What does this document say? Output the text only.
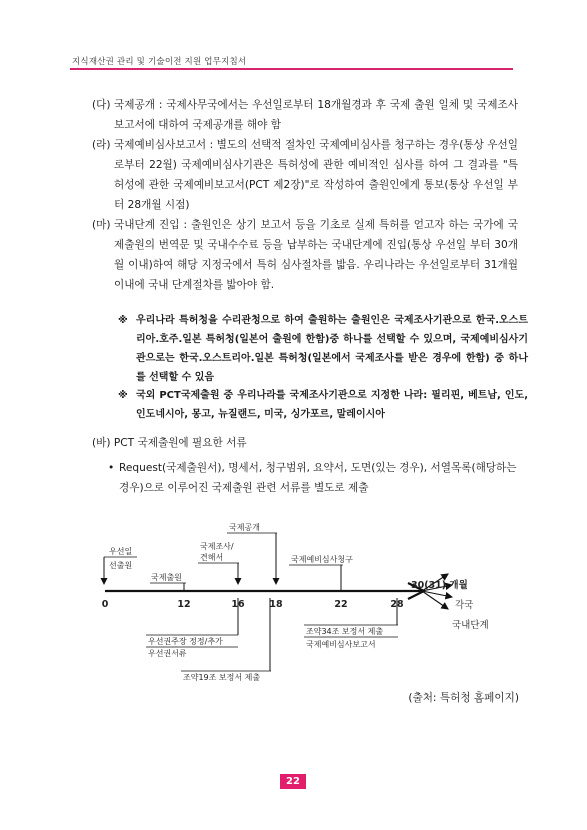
지식재산권 관리 및 기술이전 지원 업무지침서
(다) 국제공개 : 국제사무국에서는 우선일로부터 18개월경과 후 국제 출원 일체 및 국제조사보고서에 대하여 국제공개를 해야 함
(라) 국제예비심사보고서 : 별도의 선택적 절차인 국제예비심사를 청구하는 경우(통상 우선일로부터 22월) 국제예비심사기관은 특허성에 관한 예비적인 심사를 하여 그 결과를 "특허성에 관한 국제예비보고서(PCT 제2장)"로 작성하여 출원인에게 통보(통상 우선일 부터 28개월 시점)
(마) 국내단계 진입 : 출원인은 상기 보고서 등을 기초로 실제 특허를 얻고자 하는 국가에 국제출원의 번역문 및 국내수수료 등을 납부하는 국내단계에 진입(통상 우선일 부터 30개월 이내)하여 해당 지정국에서 특허 심사절차를 밟음. 우리나라는 우선일로부터 31개월 이내에 국내 단계절차를 밟아야 함.
※ 우리나라 특허청을 수리관청으로 하여 출원하는 출원인은 국제조사기관으로 한국.오스트리아.호주.일본 특허청(일본어 출원에 한함)중 하나를 선택할 수 있으며, 국제예비심사기관으로는 한국.오스트리아.일본 특허청(일본에서 국제조사를 받은 경우에 한함) 중 하나를 선택할 수 있음
※ 국외 PCT국제출원 중 우리나라를 국제조사기관으로 지정한 나라: 필리핀, 베트남, 인도, 인도네시아, 몽고, 뉴질랜드, 미국, 싱가포르, 말레이시아
(바) PCT 국제출원에 필요한 서류
• Request(국제출원서), 명세서, 청구범위, 요약서, 도면(있는 경우), 서열목록(해당하는 경우)으로 이루어진 국제출원 관련 서류를 별도로 제출
각국
국내단계
30(31) 개월
0	12	16	18	22	28
우선일
선출원
국제출원
국제조사/
견해서
국제공개
국제예비심사청구
우선권주장 정정/추가
우선권서류
조약19조 보정서 제출
조약34조 보정서 제출
국제예비심사보고서
(출처: 특허청 홈페이지)
22
